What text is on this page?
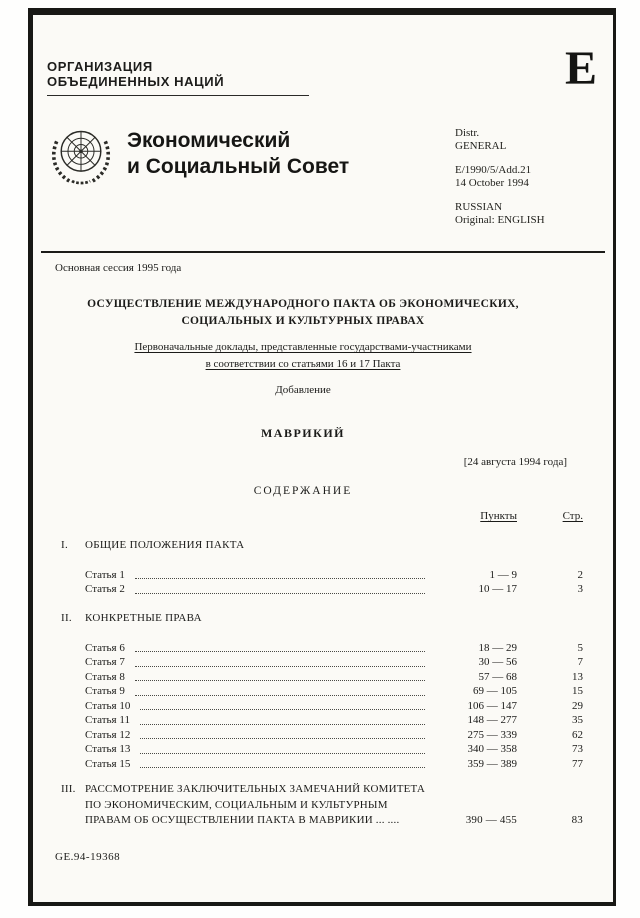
ОРГАНИЗАЦИЯ
ОБЪЕДИНЕННЫХ НАЦИЙ	E
Экономический
и Социальный Совет
Distr.
GENERAL
E/1990/5/Add.21
14 October 1994
RUSSIAN
Original: ENGLISH
Основная сессия 1995 года
ОСУЩЕСТВЛЕНИЕ МЕЖДУНАРОДНОГО ПАКТА ОБ ЭКОНОМИЧЕСКИХ,
СОЦИАЛЬНЫХ И КУЛЬТУРНЫХ ПРАВАХ
Первоначальные доклады, представленные государствами-участниками
в соответствии со статьями 16 и 17 Пакта
Добавление
МАВРИКИЙ
[24 августа 1994 года]
СОДЕРЖАНИЕ
Пункты	Стр.
I.	ОБЩИЕ ПОЛОЖЕНИЯ ПАКТА
Статья 1	1 — 9	2
Статья 2	10 — 17	3
II.	КОНКРЕТНЫЕ ПРАВА
Статья 6	18 — 29	5
Статья 7	30 — 56	7
Статья 8	57 — 68	13
Статья 9	69 — 105	15
Статья 10	106 — 147	29
Статья 11	148 — 277	35
Статья 12	275 — 339	62
Статья 13	340 — 358	73
Статья 15	359 — 389	77
III. РАССМОТРЕНИЕ ЗАКЛЮЧИТЕЛЬНЫХ ЗАМЕЧАНИЙ КОМИТЕТА
ПО ЭКОНОМИЧЕСКИМ, СОЦИАЛЬНЫМ И КУЛЬТУРНЫМ
ПРАВАМ ОБ ОСУЩЕСТВЛЕНИИ ПАКТА В МАВРИКИИ ... ....	390 — 455	83
GE.94-19368
